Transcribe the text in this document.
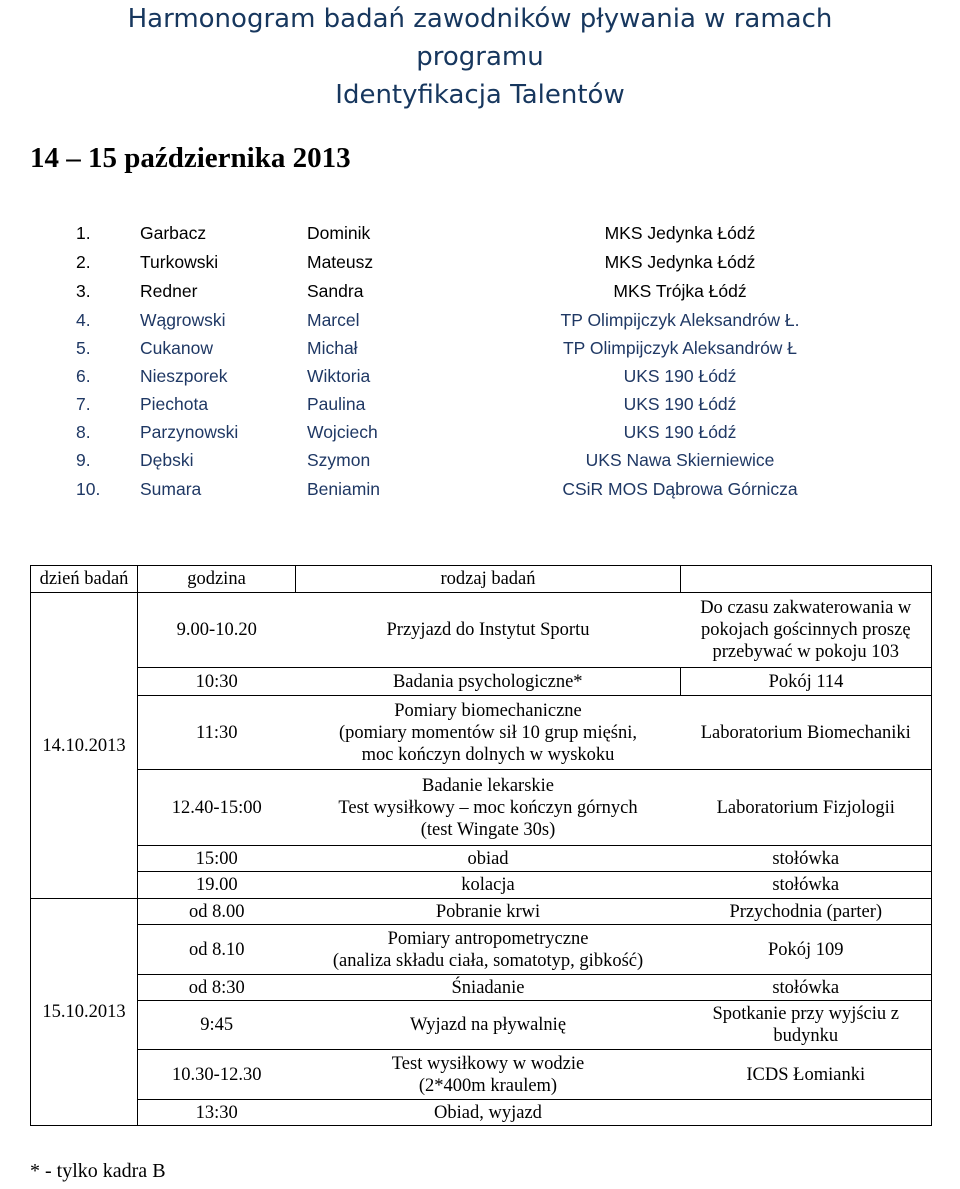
Harmonogram badań zawodników pływania w ramach
programu
Identyfikacja Talentów
14 – 15 października 2013
1.	Garbacz	Dominik	MKS Jedynka Łódź
2.	Turkowski	Mateusz	MKS Jedynka Łódź
3.	Redner	Sandra	MKS Trójka Łódź
4.	Wągrowski	Marcel	TP Olimpijczyk Aleksandrów Ł.
5.	Cukanow	Michał	TP Olimpijczyk Aleksandrów Ł
6.	Nieszporek	Wiktoria	UKS 190 Łódź
7.	Piechota	Paulina	UKS 190 Łódź
8.	Parzynowski	Wojciech	UKS 190 Łódź
9.	Dębski	Szymon	UKS Nawa Skierniewice
10. Sumara	Beniamin	CSiR MOS Dąbrowa Górnicza
dzień badań	godzina	rodzaj badań	
14.10.2013	9.00-10.20	Przyjazd do Instytut Sportu	Do czasu zakwaterowania w pokojach gościnnych proszę przebywać w pokoju 103
	10:30	Badania psychologiczne*	Pokój 114
	11:30	Pomiary biomechaniczne
(pomiary momentów sił 10 grup mięśni,
moc kończyn dolnych w wyskoku	Laboratorium Biomechaniki
	12.40-15:00	Badanie lekarskie
Test wysiłkowy – moc kończyn górnych
(test Wingate 30s)	Laboratorium Fizjologii
	15:00	obiad	stołówka
	19.00	kolacja	stołówka
15.10.2013	od 8.00	Pobranie krwi	Przychodnia (parter)
	od 8.10	Pomiary antropometryczne
(analiza składu ciała, somatotyp, gibkość)	Pokój 109
	od 8:30	Śniadanie	stołówka
	9:45	Wyjazd na pływalnię	Spotkanie przy wyjściu z budynku
	10.30-12.30	Test wysiłkowy w wodzie
(2*400m kraulem)	ICDS Łomianki
	13:30	Obiad, wyjazd	
* - tylko kadra B
